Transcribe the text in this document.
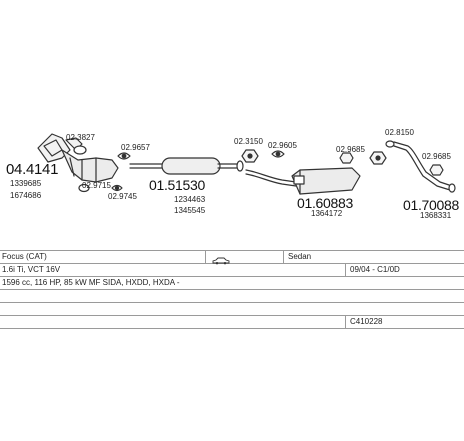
04.4141
1339685
1674686
02.3827
02.9715
02.9657
02.9745
01.51530
1234463
1345545
02.3150 02.9605	02.9685
01.60883
1364172
02.8150
02.9685
01.70088
1368331
Focus (CAT)	Sedan
1.6i Ti, VCT 16V	09/04 - C1/0D
1596 cc, 116 HP, 85 kW MF SIDA, HXDD, HXDA -
C410228
